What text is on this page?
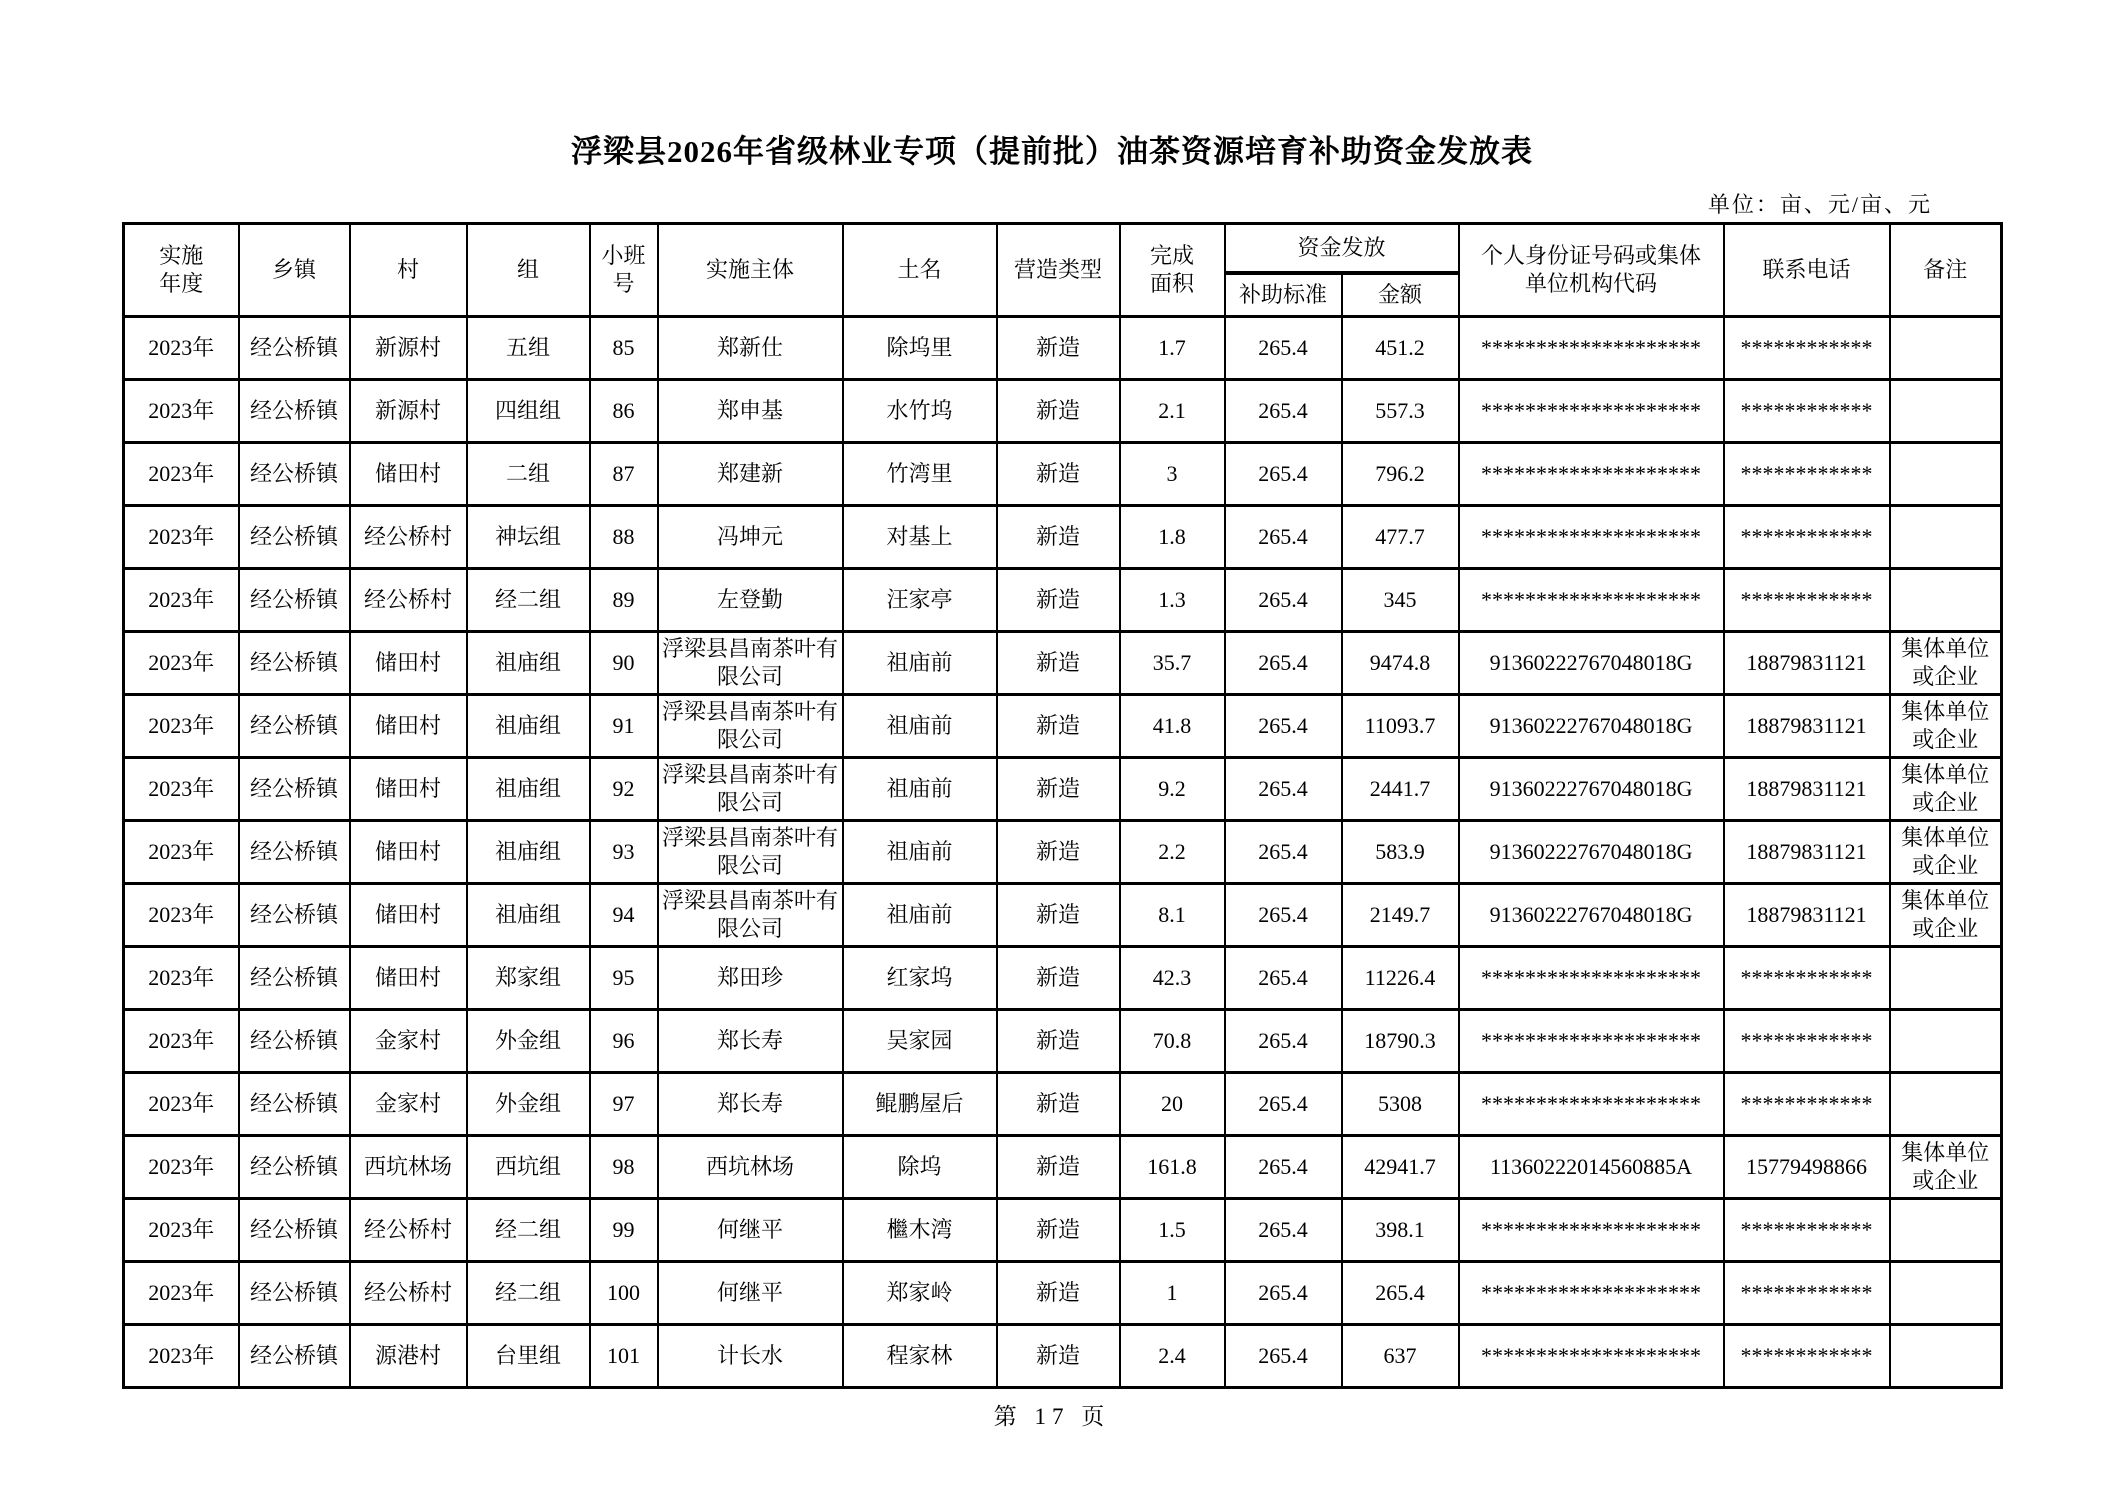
浮梁县2026年省级林业专项（提前批）油茶资源培育补助资金发放表
单位：亩、元/亩、元
实施年度	乡镇	村	组	小班号	实施主体	土名	营造类型	完成面积	资金发放		个人身份证号码或集体单位机构代码	联系电话	备注
									补助标准	金额			
2023年	经公桥镇	新源村	五组	85	郑新仕	除坞里	新造	1.7	265.4	451.2	********************	************	
2023年	经公桥镇	新源村	四组组	86	郑申基	水竹坞	新造	2.1	265.4	557.3	********************	************	
2023年	经公桥镇	储田村	二组	87	郑建新	竹湾里	新造	3	265.4	796.2	********************	************	
2023年	经公桥镇	经公桥村	神坛组	88	冯坤元	对基上	新造	1.8	265.4	477.7	********************	************	
2023年	经公桥镇	经公桥村	经二组	89	左登勤	汪家亭	新造	1.3	265.4	345	********************	************	
2023年	经公桥镇	储田村	祖庙组	90	浮梁县昌南茶叶有限公司	祖庙前	新造	35.7	265.4	9474.8	91360222767048018G	18879831121	集体单位或企业
2023年	经公桥镇	储田村	祖庙组	91	浮梁县昌南茶叶有限公司	祖庙前	新造	41.8	265.4	11093.7	91360222767048018G	18879831121	集体单位或企业
2023年	经公桥镇	储田村	祖庙组	92	浮梁县昌南茶叶有限公司	祖庙前	新造	9.2	265.4	2441.7	91360222767048018G	18879831121	集体单位或企业
2023年	经公桥镇	储田村	祖庙组	93	浮梁县昌南茶叶有限公司	祖庙前	新造	2.2	265.4	583.9	91360222767048018G	18879831121	集体单位或企业
2023年	经公桥镇	储田村	祖庙组	94	浮梁县昌南茶叶有限公司	祖庙前	新造	8.1	265.4	2149.7	91360222767048018G	18879831121	集体单位或企业
2023年	经公桥镇	储田村	郑家组	95	郑田珍	红家坞	新造	42.3	265.4	11226.4	********************	************	
2023年	经公桥镇	金家村	外金组	96	郑长寿	吴家园	新造	70.8	265.4	18790.3	********************	************	
2023年	经公桥镇	金家村	外金组	97	郑长寿	鲲鹏屋后	新造	20	265.4	5308	********************	************	
2023年	经公桥镇	西坑林场	西坑组	98	西坑林场	除坞	新造	161.8	265.4	42941.7	11360222014560885A	15779498866	集体单位或企业
2023年	经公桥镇	经公桥村	经二组	99	何继平	檵木湾	新造	1.5	265.4	398.1	********************	************	
2023年	经公桥镇	经公桥村	经二组	100	何继平	郑家岭	新造	1	265.4	265.4	********************	************	
2023年	经公桥镇	源港村	台里组	101	计长水	程家林	新造	2.4	265.4	637	********************	************	
第 17 页
